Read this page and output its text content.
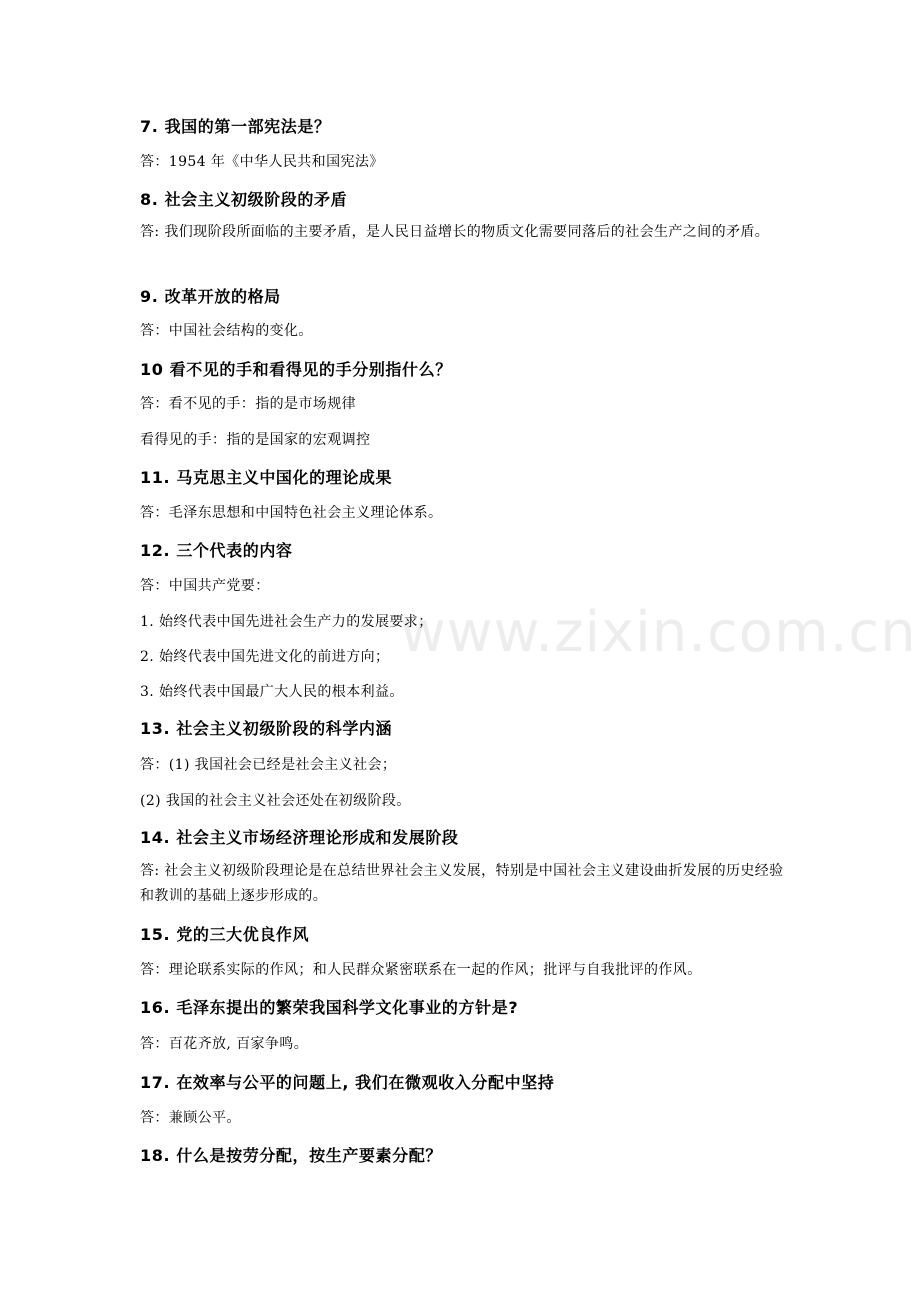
7. 我国的第一部宪法是？
答：1954 年《中华人民共和国宪法》
8. 社会主义初级阶段的矛盾
答: 我们现阶段所面临的主要矛盾，是人民日益增长的物质文化需要同落后的社会生产之间的矛盾。
9. 改革开放的格局
答：中国社会结构的变化。
10 看不见的手和看得见的手分别指什么？
答：看不见的手：指的是市场规律
看得见的手：指的是国家的宏观调控
11. 马克思主义中国化的理论成果
答：毛泽东思想和中国特色社会主义理论体系。
12. 三个代表的内容
答：中国共产党要：
1. 始终代表中国先进社会生产力的发展要求；
2. 始终代表中国先进文化的前进方向；
3. 始终代表中国最广大人民的根本利益。
13. 社会主义初级阶段的科学内涵
答：(1) 我国社会已经是社会主义社会；
(2) 我国的社会主义社会还处在初级阶段。
14. 社会主义市场经济理论形成和发展阶段
答: 社会主义初级阶段理论是在总结世界社会主义发展，特别是中国社会主义建设曲折发展的历史经验和教训的基础上逐步形成的。
15. 党的三大优良作风
答：理论联系实际的作风；和人民群众紧密联系在一起的作风；批评与自我批评的作风。
16. 毛泽东提出的繁荣我国科学文化事业的方针是?
答：百花齐放, 百家争鸣。
17. 在效率与公平的问题上, 我们在微观收入分配中坚持
答：兼顾公平。
18. 什么是按劳分配，按生产要素分配？
www.zixin.com.cn
